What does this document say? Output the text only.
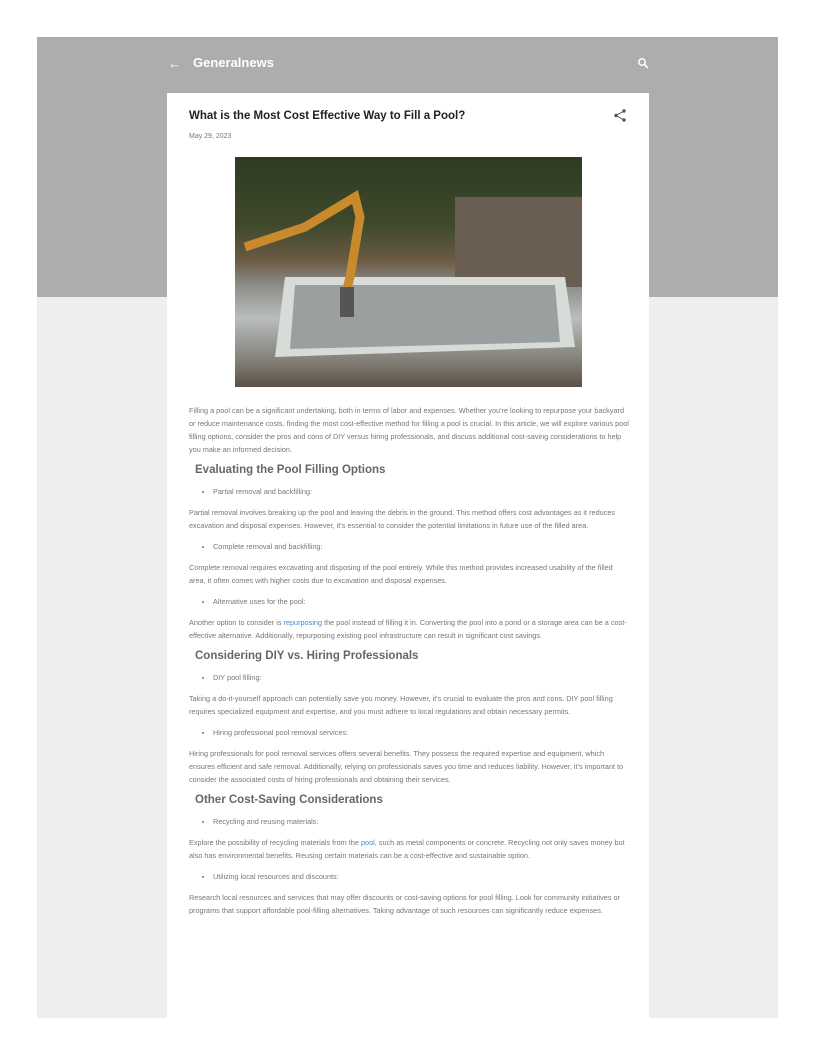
← Generalnews
What is the Most Cost Effective Way to Fill a Pool?
May 29, 2023

Filling a pool can be a significant undertaking, both in terms of labor and expenses. Whether you're looking to repurpose your backyard or reduce maintenance costs, finding the most cost-effective method for filling a pool is crucial. In this article, we will explore various pool filling options, consider the pros and cons of DIY versus hiring professionals, and discuss additional cost-saving considerations to help you make an informed decision.

Evaluating the Pool Filling Options
• Partial removal and backfilling:

Partial removal involves breaking up the pool and leaving the debris in the ground. This method offers cost advantages as it reduces excavation and disposal expenses. However, it's essential to consider the potential limitations in future use of the filled area.

• Complete removal and backfilling:

Complete removal requires excavating and disposing of the pool entirely. While this method provides increased usability of the filled area, it often comes with higher costs due to excavation and disposal expenses.

• Alternative uses for the pool:

Another option to consider is repurposing the pool instead of filling it in. Converting the pool into a pond or a storage area can be a cost-effective alternative. Additionally, repurposing existing pool infrastructure can result in significant cost savings.

Considering DIY vs. Hiring Professionals
• DIY pool filling:

Taking a do-it-yourself approach can potentially save you money. However, it's crucial to evaluate the pros and cons. DIY pool filling requires specialized equipment and expertise, and you must adhere to local regulations and obtain necessary permits.

• Hiring professional pool removal services:

Hiring professionals for pool removal services offers several benefits. They possess the required expertise and equipment, which ensures efficient and safe removal. Additionally, relying on professionals saves you time and reduces liability. However, it's important to consider the associated costs of hiring professionals and obtaining their services.

Other Cost-Saving Considerations
• Recycling and reusing materials:

Explore the possibility of recycling materials from the pool, such as metal components or concrete. Recycling not only saves money but also has environmental benefits. Reusing certain materials can be a cost-effective and sustainable option.

• Utilizing local resources and discounts:

Research local resources and services that may offer discounts or cost-saving options for pool filling. Look for community initiatives or programs that support affordable pool-filling alternatives. Taking advantage of such resources can significantly reduce expenses.
